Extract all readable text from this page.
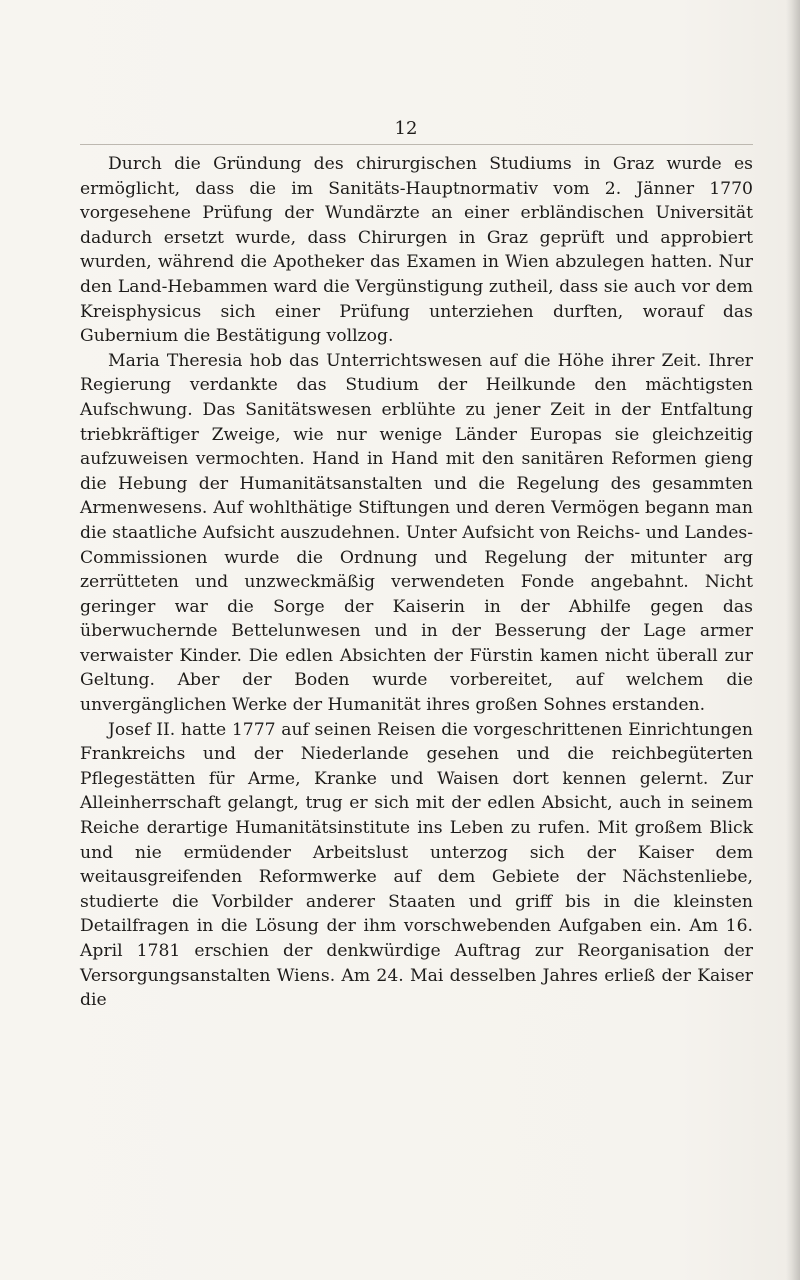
12

Durch die Gründung des chirurgischen Studiums in Graz wurde es ermöglicht, dass die im Sanitäts-Hauptnormativ vom 2. Jänner 1770 vorgesehene Prüfung der Wundärzte an einer erbländischen Universität dadurch ersetzt wurde, dass Chirurgen in Graz geprüft und approbiert wurden, während die Apotheker das Examen in Wien abzulegen hatten. Nur den Land-Hebammen ward die Vergünstigung zutheil, dass sie auch vor dem Kreisphysicus sich einer Prüfung unterziehen durften, worauf das Gubernium die Bestätigung vollzog.

Maria Theresia hob das Unterrichtswesen auf die Höhe ihrer Zeit. Ihrer Regierung verdankte das Studium der Heilkunde den mächtigsten Aufschwung. Das Sanitätswesen erblühte zu jener Zeit in der Entfaltung triebkräftiger Zweige, wie nur wenige Länder Europas sie gleichzeitig aufzuweisen vermochten. Hand in Hand mit den sanitären Reformen gieng die Hebung der Humanitätsanstalten und die Regelung des gesammten Armenwesens. Auf wohlthätige Stiftungen und deren Vermögen begann man die staatliche Aufsicht auszudehnen. Unter Aufsicht von Reichs- und Landes-Commissionen wurde die Ordnung und Regelung der mitunter arg zerrütteten und unzweckmäßig verwendeten Fonde angebahnt. Nicht geringer war die Sorge der Kaiserin in der Abhilfe gegen das überwuchernde Bettelunwesen und in der Besserung der Lage armer verwaister Kinder. Die edlen Absichten der Fürstin kamen nicht überall zur Geltung. Aber der Boden wurde vorbereitet, auf welchem die unvergänglichen Werke der Humanität ihres großen Sohnes erstanden.

Josef II. hatte 1777 auf seinen Reisen die vorgeschrittenen Einrichtungen Frankreichs und der Niederlande gesehen und die reichbegüterten Pflegestätten für Arme, Kranke und Waisen dort kennen gelernt. Zur Alleinherrschaft gelangt, trug er sich mit der edlen Absicht, auch in seinem Reiche derartige Humanitätsinstitute ins Leben zu rufen. Mit großem Blick und nie ermüdender Arbeitslust unterzog sich der Kaiser dem weitausgreifenden Reformwerke auf dem Gebiete der Nächstenliebe, studierte die Vorbilder anderer Staaten und griff bis in die kleinsten Detailfragen in die Lösung der ihm vorschwebenden Aufgaben ein. Am 16. April 1781 erschien der denkwürdige Auftrag zur Reorganisation der Versorgungsanstalten Wiens. Am 24. Mai desselben Jahres erließ der Kaiser die
